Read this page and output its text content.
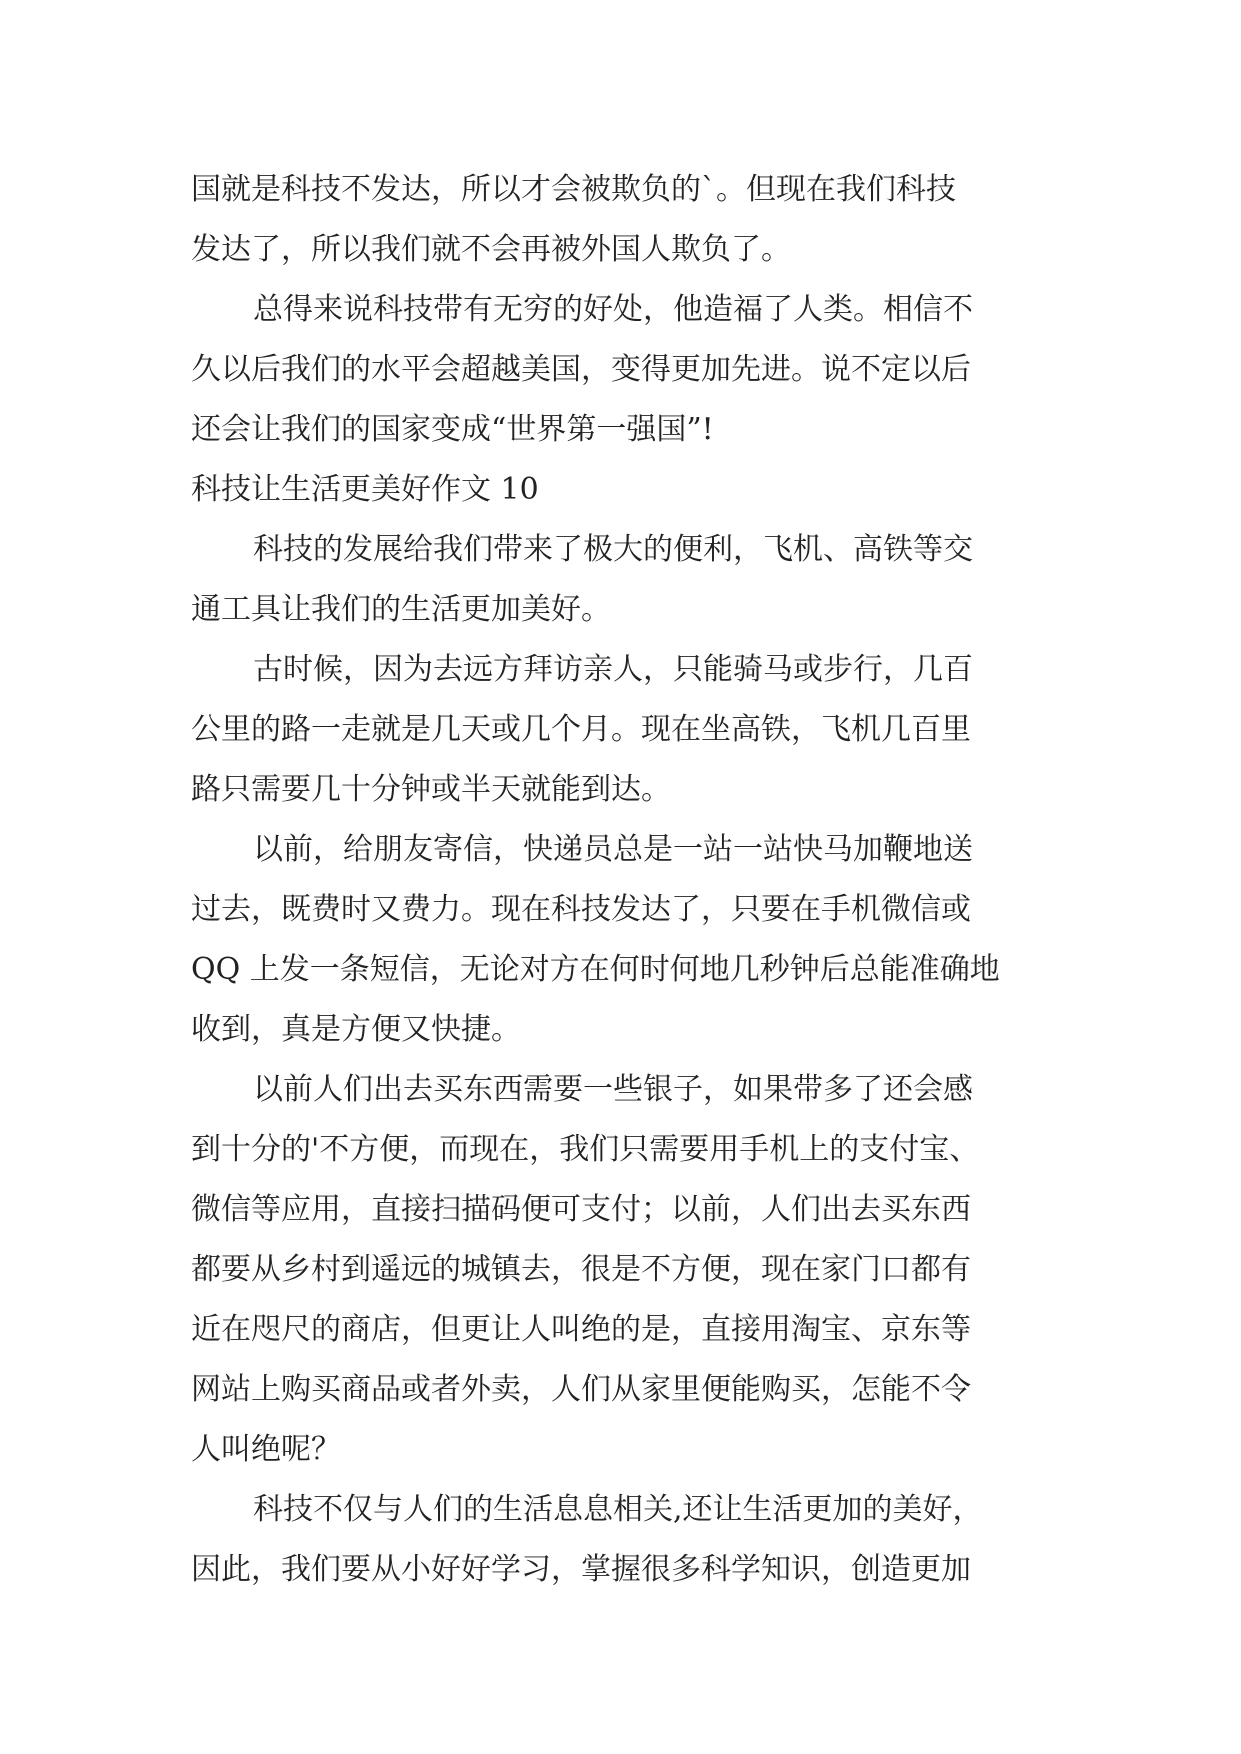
国就是科技不发达，所以才会被欺负的`。但现在我们科技
发达了，所以我们就不会再被外国人欺负了。
总得来说科技带有无穷的好处，他造福了人类。相信不
久以后我们的水平会超越美国，变得更加先进。说不定以后
还会让我们的国家变成“世界第一强国”!
科技让生活更美好作文 10
科技的发展给我们带来了极大的便利，飞机、高铁等交
通工具让我们的生活更加美好。
古时候，因为去远方拜访亲人，只能骑马或步行，几百
公里的路一走就是几天或几个月。现在坐高铁，飞机几百里
路只需要几十分钟或半天就能到达。
以前，给朋友寄信，快递员总是一站一站快马加鞭地送
过去，既费时又费力。现在科技发达了，只要在手机微信或
QQ 上发一条短信，无论对方在何时何地几秒钟后总能准确地
收到，真是方便又快捷。
以前人们出去买东西需要一些银子，如果带多了还会感
到十分的'不方便，而现在，我们只需要用手机上的支付宝、
微信等应用，直接扫描码便可支付；以前，人们出去买东西
都要从乡村到遥远的城镇去，很是不方便，现在家门口都有
近在咫尺的商店，但更让人叫绝的是，直接用淘宝、京东等
网站上购买商品或者外卖，人们从家里便能购买，怎能不令
人叫绝呢？
科技不仅与人们的生活息息相关,还让生活更加的美好，
因此，我们要从小好好学习，掌握很多科学知识，创造更加
